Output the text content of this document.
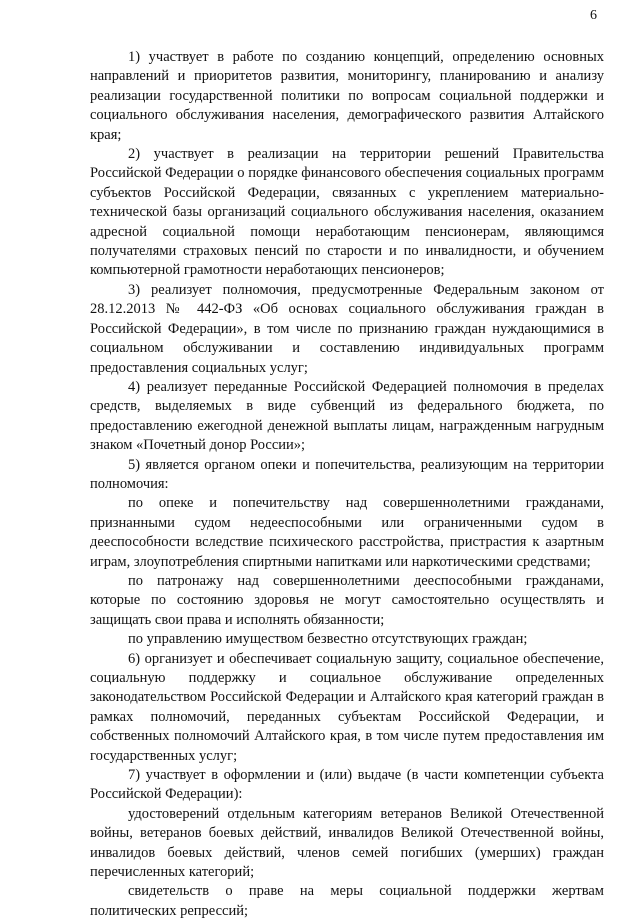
6

1) участвует в работе по созданию концепций, определению основных направлений и приоритетов развития, мониторингу, планированию и анализу реализации государственной политики по вопросам социальной поддержки и социального обслуживания населения, демографического развития Алтайского края;

2) участвует в реализации на территории решений Правительства Российской Федерации о порядке финансового обеспечения социальных программ субъектов Российской Федерации, связанных с укреплением материально-технической базы организаций социального обслуживания населения, оказанием адресной социальной помощи неработающим пенсионерам, являющимся получателями страховых пенсий по старости и по инвалидности, и обучением компьютерной грамотности неработающих пенсионеров;

3) реализует полномочия, предусмотренные Федеральным законом от 28.12.2013 № 442-ФЗ «Об основах социального обслуживания граждан в Российской Федерации», в том числе по признанию граждан нуждающимися в социальном обслуживании и составлению индивидуальных программ предоставления социальных услуг;

4) реализует переданные Российской Федерацией полномочия в пределах средств, выделяемых в виде субвенций из федерального бюджета, по предоставлению ежегодной денежной выплаты лицам, награжденным нагрудным знаком «Почетный донор России»;

5) является органом опеки и попечительства, реализующим на территории полномочия:

по опеке и попечительству над совершеннолетними гражданами, признанными судом недееспособными или ограниченными судом в дееспособности вследствие психического расстройства, пристрастия к азартным играм, злоупотребления спиртными напитками или наркотическими средствами;

по патронажу над совершеннолетними дееспособными гражданами, которые по состоянию здоровья не могут самостоятельно осуществлять и защищать свои права и исполнять обязанности;

по управлению имуществом безвестно отсутствующих граждан;

6) организует и обеспечивает социальную защиту, социальное обеспечение, социальную поддержку и социальное обслуживание определенных законодательством Российской Федерации и Алтайского края категорий граждан в рамках полномочий, переданных субъектам Российской Федерации, и собственных полномочий Алтайского края, в том числе путем предоставления им государственных услуг;

7) участвует в оформлении и (или) выдаче (в части компетенции субъекта Российской Федерации):

удостоверений отдельным категориям ветеранов Великой Отечественной войны, ветеранов боевых действий, инвалидов Великой Отечественной войны, инвалидов боевых действий, членов семей погибших (умерших) граждан перечисленных категорий;

свидетельств о праве на меры социальной поддержки жертвам политических репрессий;
